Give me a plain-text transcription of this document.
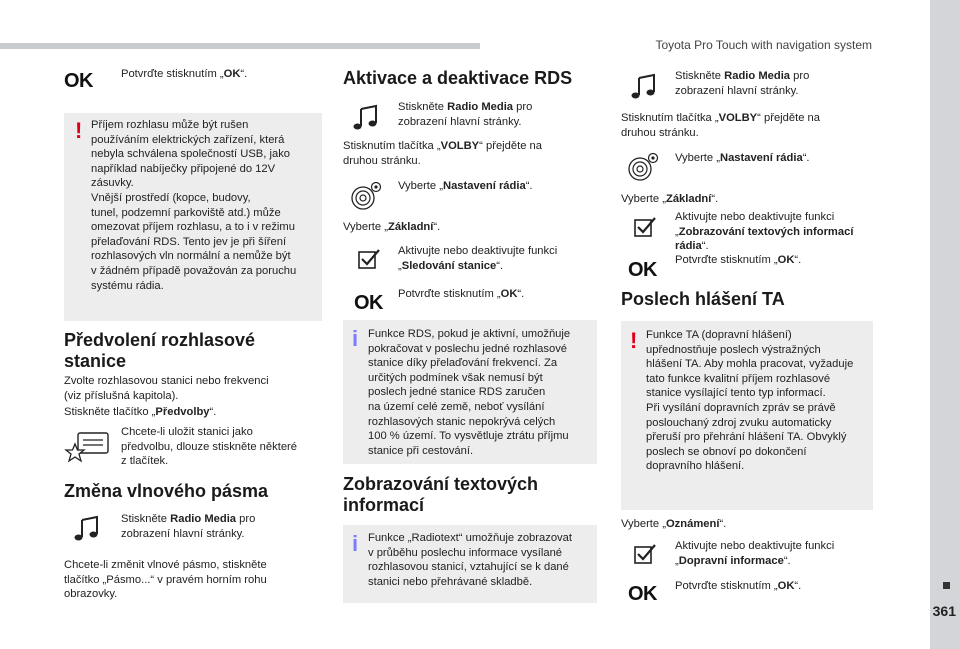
Toyota Pro Touch with navigation system
361
OK	Potvrďte stisknutím „OK“.
! Příjem rozhlasu může být rušen
používáním elektrických zařízení, která
nebyla schválena společností USB, jako
například nabíječky připojené do 12V
zásuvky.
Vnější prostředí (kopce, budovy,
tunel, podzemní parkoviště atd.) může
omezovat příjem rozhlasu, a to i v režimu
přelaďování RDS. Tento jev je při šíření
rozhlasových vln normální a nemůže být
v žádném případě považován za poruchu
systému rádia.
Předvolení rozhlasové
stanice
Zvolte rozhlasovou stanici nebo frekvenci
(viz příslušná kapitola).
Stiskněte tlačítko „Předvolby“.
Chcete-li uložit stanici jako
předvolbu, dlouze stiskněte některé
z tlačítek.
Změna vlnového pásma
Stiskněte Radio Media pro
zobrazení hlavní stránky.
Chcete-li změnit vlnové pásmo, stiskněte
tlačítko „Pásmo...“ v pravém horním rohu
obrazovky.
Aktivace a deaktivace RDS
Stiskněte Radio Media pro
zobrazení hlavní stránky.
Stisknutím tlačítka „VOLBY“ přejděte na
druhou stránku.
Vyberte „Nastavení rádia“.
Vyberte „Základní“.
Aktivujte nebo deaktivujte funkci
„Sledování stanice“.
OK Potvrďte stisknutím „OK“.
i Funkce RDS, pokud je aktivní, umožňuje
pokračovat v poslechu jedné rozhlasové
stanice díky přelaďování frekvencí. Za
určitých podmínek však nemusí být
poslech jedné stanice RDS zaručen
na území celé země, neboť vysílání
rozhlasových stanic nepokrývá celých
100 % území. To vysvětluje ztrátu příjmu
stanice při cestování.
Zobrazování textových
informací
i Funkce „Radiotext“ umožňuje zobrazovat
v průběhu poslechu informace vysílané
rozhlasovou stanicí, vztahující se k dané
stanici nebo přehrávané skladbě.
Stiskněte Radio Media pro
zobrazení hlavní stránky.
Stisknutím tlačítka „VOLBY“ přejděte na
druhou stránku.
Vyberte „Nastavení rádia“.
Vyberte „Základní“.
Aktivujte nebo deaktivujte funkci
„Zobrazování textových informací
rádia“.
OK Potvrďte stisknutím „OK“.
Poslech hlášení TA
! Funkce TA (dopravní hlášení)
upřednostňuje poslech výstražných
hlášení TA. Aby mohla pracovat, vyžaduje
tato funkce kvalitní příjem rozhlasové
stanice vysílající tento typ informací.
Při vysílání dopravních zpráv se právě
poslouchaný zdroj zvuku automaticky
přeruší pro přehrání hlášení TA. Obvyklý
poslech se obnoví po dokončení
dopravního hlášení.
Vyberte „Oznámení“.
Aktivujte nebo deaktivujte funkci
„Dopravní informace“.
OK Potvrďte stisknutím „OK“.
